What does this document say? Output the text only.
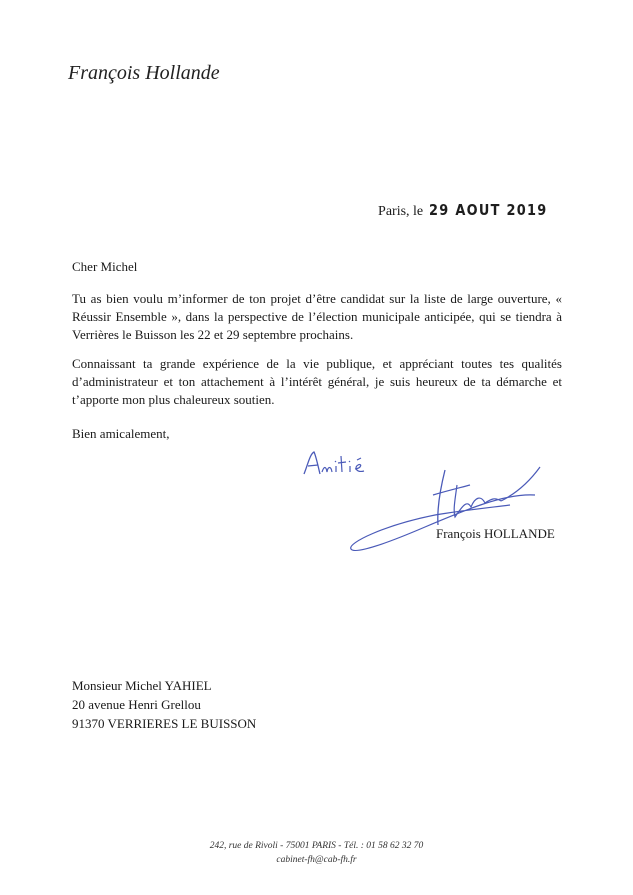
François Hollande
Paris, le 29 AOUT 2019
Cher Michel
Tu as bien voulu m’informer de ton projet d’être candidat sur la liste de large ouverture, « Réussir Ensemble », dans la perspective de l’élection municipale anticipée, qui se tiendra à Verrières le Buisson les 22 et 29 septembre prochains.
Connaissant ta grande expérience de la vie publique, et appréciant toutes tes qualités d’administrateur et ton attachement à l’intérêt général, je suis heureux de ta démarche et t’apporte mon plus chaleureux soutien.
Bien amicalement,
François HOLLANDE
Monsieur Michel YAHIEL
20 avenue Henri Grellou
91370 VERRIERES LE BUISSON
242, rue de Rivoli - 75001 PARIS - Tél. : 01 58 62 32 70
cabinet-fh@cab-fh.fr
